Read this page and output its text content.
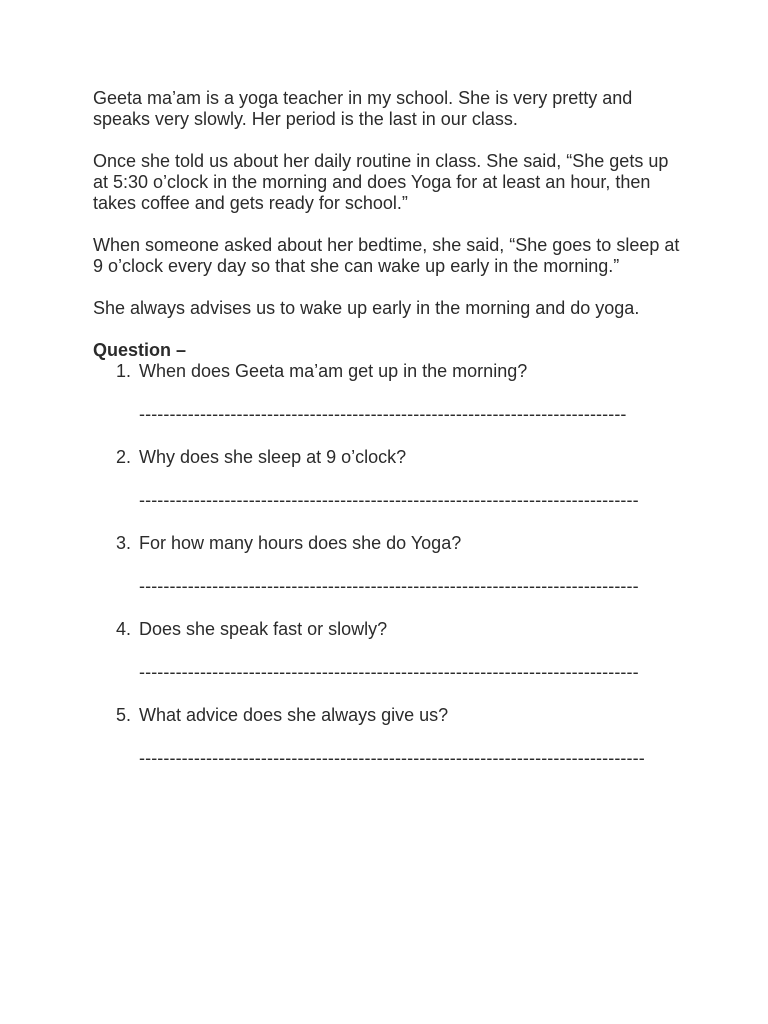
Geeta ma’am is a yoga teacher in my school. She is very pretty and speaks very slowly. Her period is the last in our class.

Once she told us about her daily routine in class. She said, “She gets up at 5:30 o’clock in the morning and does Yoga for at least an hour, then takes coffee and gets ready for school.”

When someone asked about her bedtime, she said, “She goes to sleep at 9 o’clock every day so that she can wake up early in the morning.”

She always advises us to wake up early in the morning and do yoga.

Question –
1. When does Geeta ma’am get up in the morning?
--------------------------------------------------------------------------------
2. Why does she sleep at 9 o’clock?
----------------------------------------------------------------------------------
3. For how many hours does she do Yoga?
----------------------------------------------------------------------------------
4. Does she speak fast or slowly?
----------------------------------------------------------------------------------
5. What advice does she always give us?
-----------------------------------------------------------------------------------
